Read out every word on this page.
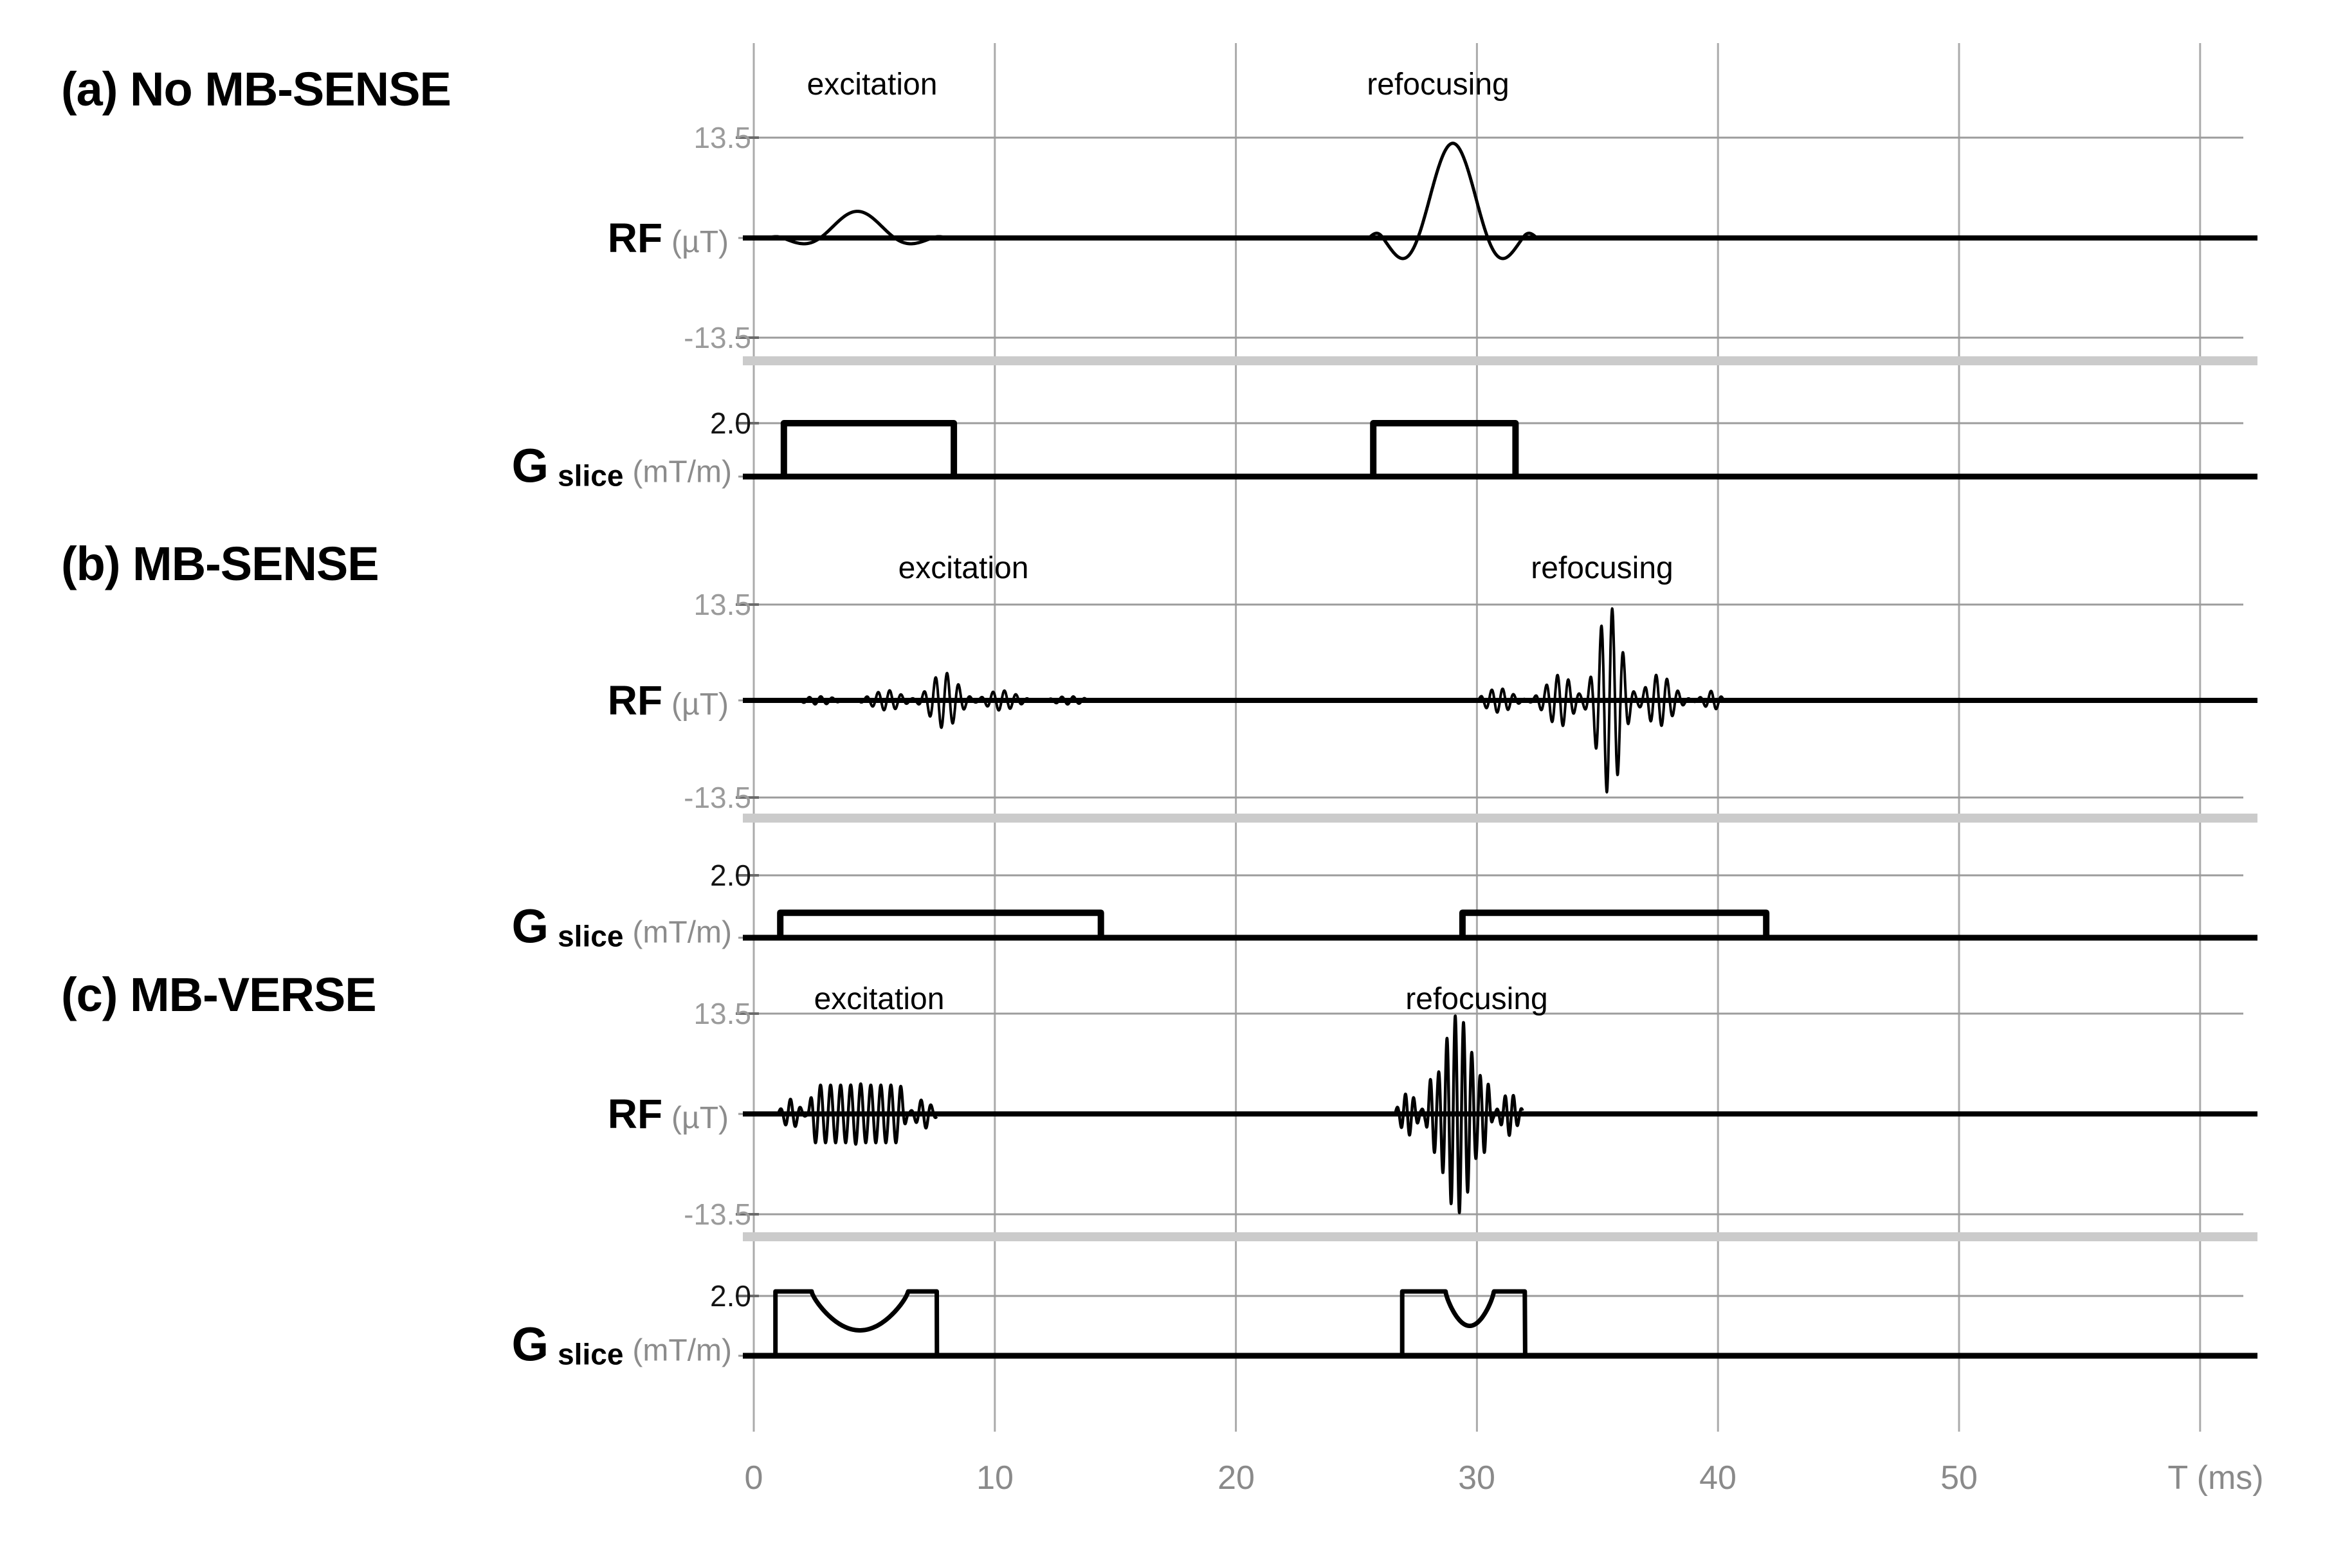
(a) No MB-SENSE
(b) MB-SENSE
(c) MB-VERSE
excitation	refocusing
excitation	refocusing
excitation	refocusing
RF (µT)
RF (µT)
RF (µT)
G slice (mT/m)
G slice (mT/m)
G slice (mT/m)
13.5
-13.5
2.0
13.5
-13.5
2.0
13.5
-13.5
2.0
0	10	20	30	40	50	T (ms)
